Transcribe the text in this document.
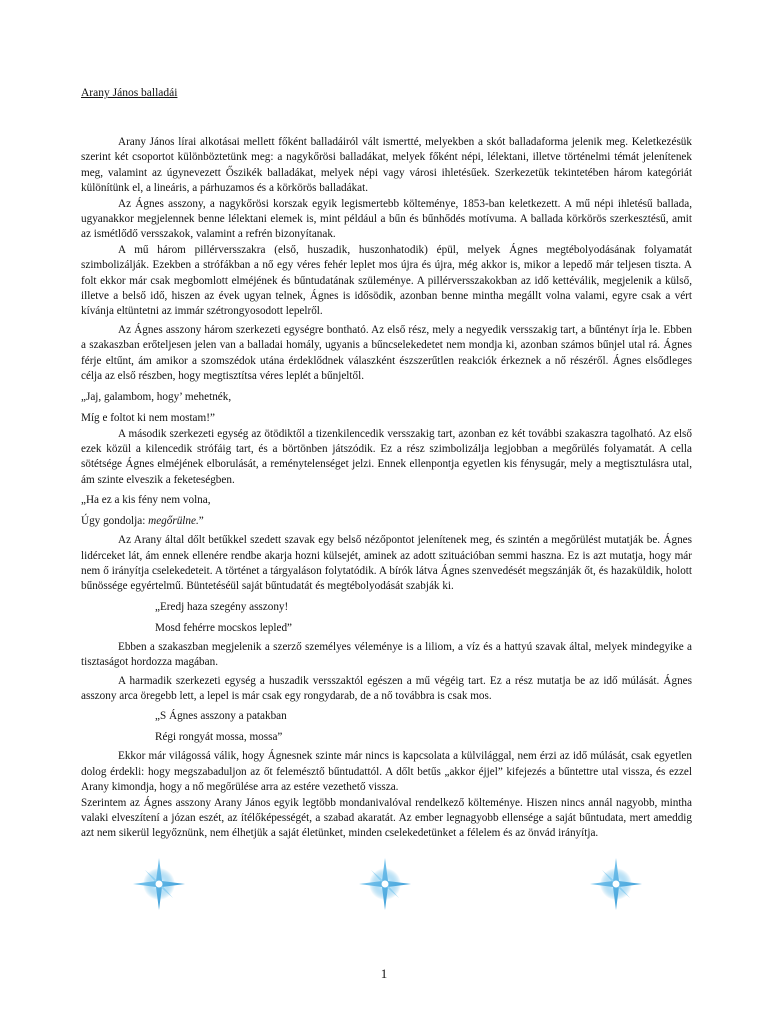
Arany János balladái

Arany János lírai alkotásai mellett főként balladáiról vált ismertté, melyekben a skót balladaforma jelenik meg. Keletkezésük szerint két csoportot különböztetünk meg: a nagykőrösi balladákat, melyek főként népi, lélektani, illetve történelmi témát jelenítenek meg, valamint az úgynevezett Őszikék balladákat, melyek népi vagy városi ihletésűek. Szerkezetük tekintetében három kategóriát különítünk el, a lineáris, a párhuzamos és a körkörös balladákat.

Az Ágnes asszony, a nagykőrösi korszak egyik legismertebb költeménye, 1853-ban keletkezett. A mű népi ihletésű ballada, ugyanakkor megjelennek benne lélektani elemek is, mint például a bűn és bűnhődés motívuma. A ballada körkörös szerkesztésű, amit az ismétlődő versszakok, valamint a refrén bizonyítanak.

A mű három pillérversszakra (első, huszadik, huszonhatodik) épül, melyek Ágnes megtébolyodásának folyamatát szimbolizálják. Ezekben a strófákban a nő egy véres fehér leplet mos újra és újra, még akkor is, mikor a lepedő már teljesen tiszta. A folt ekkor már csak megbomlott elméjének és bűntudatának szüleménye. A pillérversszakokban az idő kettéválik, megjelenik a külső, illetve a belső idő, hiszen az évek ugyan telnek, Ágnes is idősödik, azonban benne mintha megállt volna valami, egyre csak a vért kívánja eltüntetni az immár szétrongyosodott lepelről.

Az Ágnes asszony három szerkezeti egységre bontható. Az első rész, mely a negyedik versszakig tart, a bűntényt írja le. Ebben a szakaszban erőteljesen jelen van a balladai homály, ugyanis a bűncselekedetet nem mondja ki, azonban számos bűnjel utal rá. Ágnes férje eltűnt, ám amikor a szomszédok utána érdeklődnek válaszként észszerűtlen reakciók érkeznek a nő részéről. Ágnes elsődleges célja az első részben, hogy megtisztítsa véres leplét a bűnjeltől.

„Jaj, galambom, hogy’ mehetnék,

Míg e foltot ki nem mostam!”

A második szerkezeti egység az ötödiktől a tizenkilencedik versszakig tart, azonban ez két további szakaszra tagolható. Az első ezek közül a kilencedik strófáig tart, és a börtönben játszódik. Ez a rész szimbolizálja legjobban a megőrülés folyamatát. A cella sötétsége Ágnes elméjének elborulását, a reménytelenséget jelzi. Ennek ellenpontja egyetlen kis fénysugár, mely a megtisztulásra utal, ám szinte elveszik a feketeségben.

„Ha ez a kis fény nem volna,

Úgy gondolja: megőrülne.”

Az Arany által dőlt betűkkel szedett szavak egy belső nézőpontot jelenítenek meg, és szintén a megőrülést mutatják be. Ágnes lidérceket lát, ám ennek ellenére rendbe akarja hozni külsejét, aminek az adott szituációban semmi haszna. Ez is azt mutatja, hogy már nem ő irányítja cselekedeteit. A történet a tárgyaláson folytatódik. A bírók látva Ágnes szenvedését megszánják őt, és hazaküldik, holott bűnössége egyértelmű. Büntetéséül saját bűntudatát és megtébolyodását szabják ki.

„Eredj haza szegény asszony!

Mosd fehérre mocskos lepled”

Ebben a szakaszban megjelenik a szerző személyes véleménye is a liliom, a víz és a hattyú szavak által, melyek mindegyike a tisztaságot hordozza magában.

A harmadik szerkezeti egység a huszadik versszaktól egészen a mű végéig tart. Ez a rész mutatja be az idő múlását. Ágnes asszony arca öregebb lett, a lepel is már csak egy rongydarab, de a nő továbbra is csak mos.

„S Ágnes asszony a patakban

Régi rongyát mossa, mossa”

Ekkor már világossá válik, hogy Ágnesnek szinte már nincs is kapcsolata a külvilággal, nem érzi az idő múlását, csak egyetlen dolog érdekli: hogy megszabaduljon az őt felemésztő bűntudattól. A dőlt betűs „akkor éjjel” kifejezés a bűntettre utal vissza, és ezzel Arany kimondja, hogy a nő megőrülése arra az estére vezethető vissza.

Szerintem az Ágnes asszony Arany János egyik legtöbb mondanivalóval rendelkező költeménye. Hiszen nincs annál nagyobb, mintha valaki elveszítení a józan eszét, az ítélőképességét, a szabad akaratát. Az ember legnagyobb ellensége a saját bűntudata, mert ameddig azt nem sikerül legyőznünk, nem élhetjük a saját életünket, minden cselekedetünket a félelem és az önvád irányítja.

1
